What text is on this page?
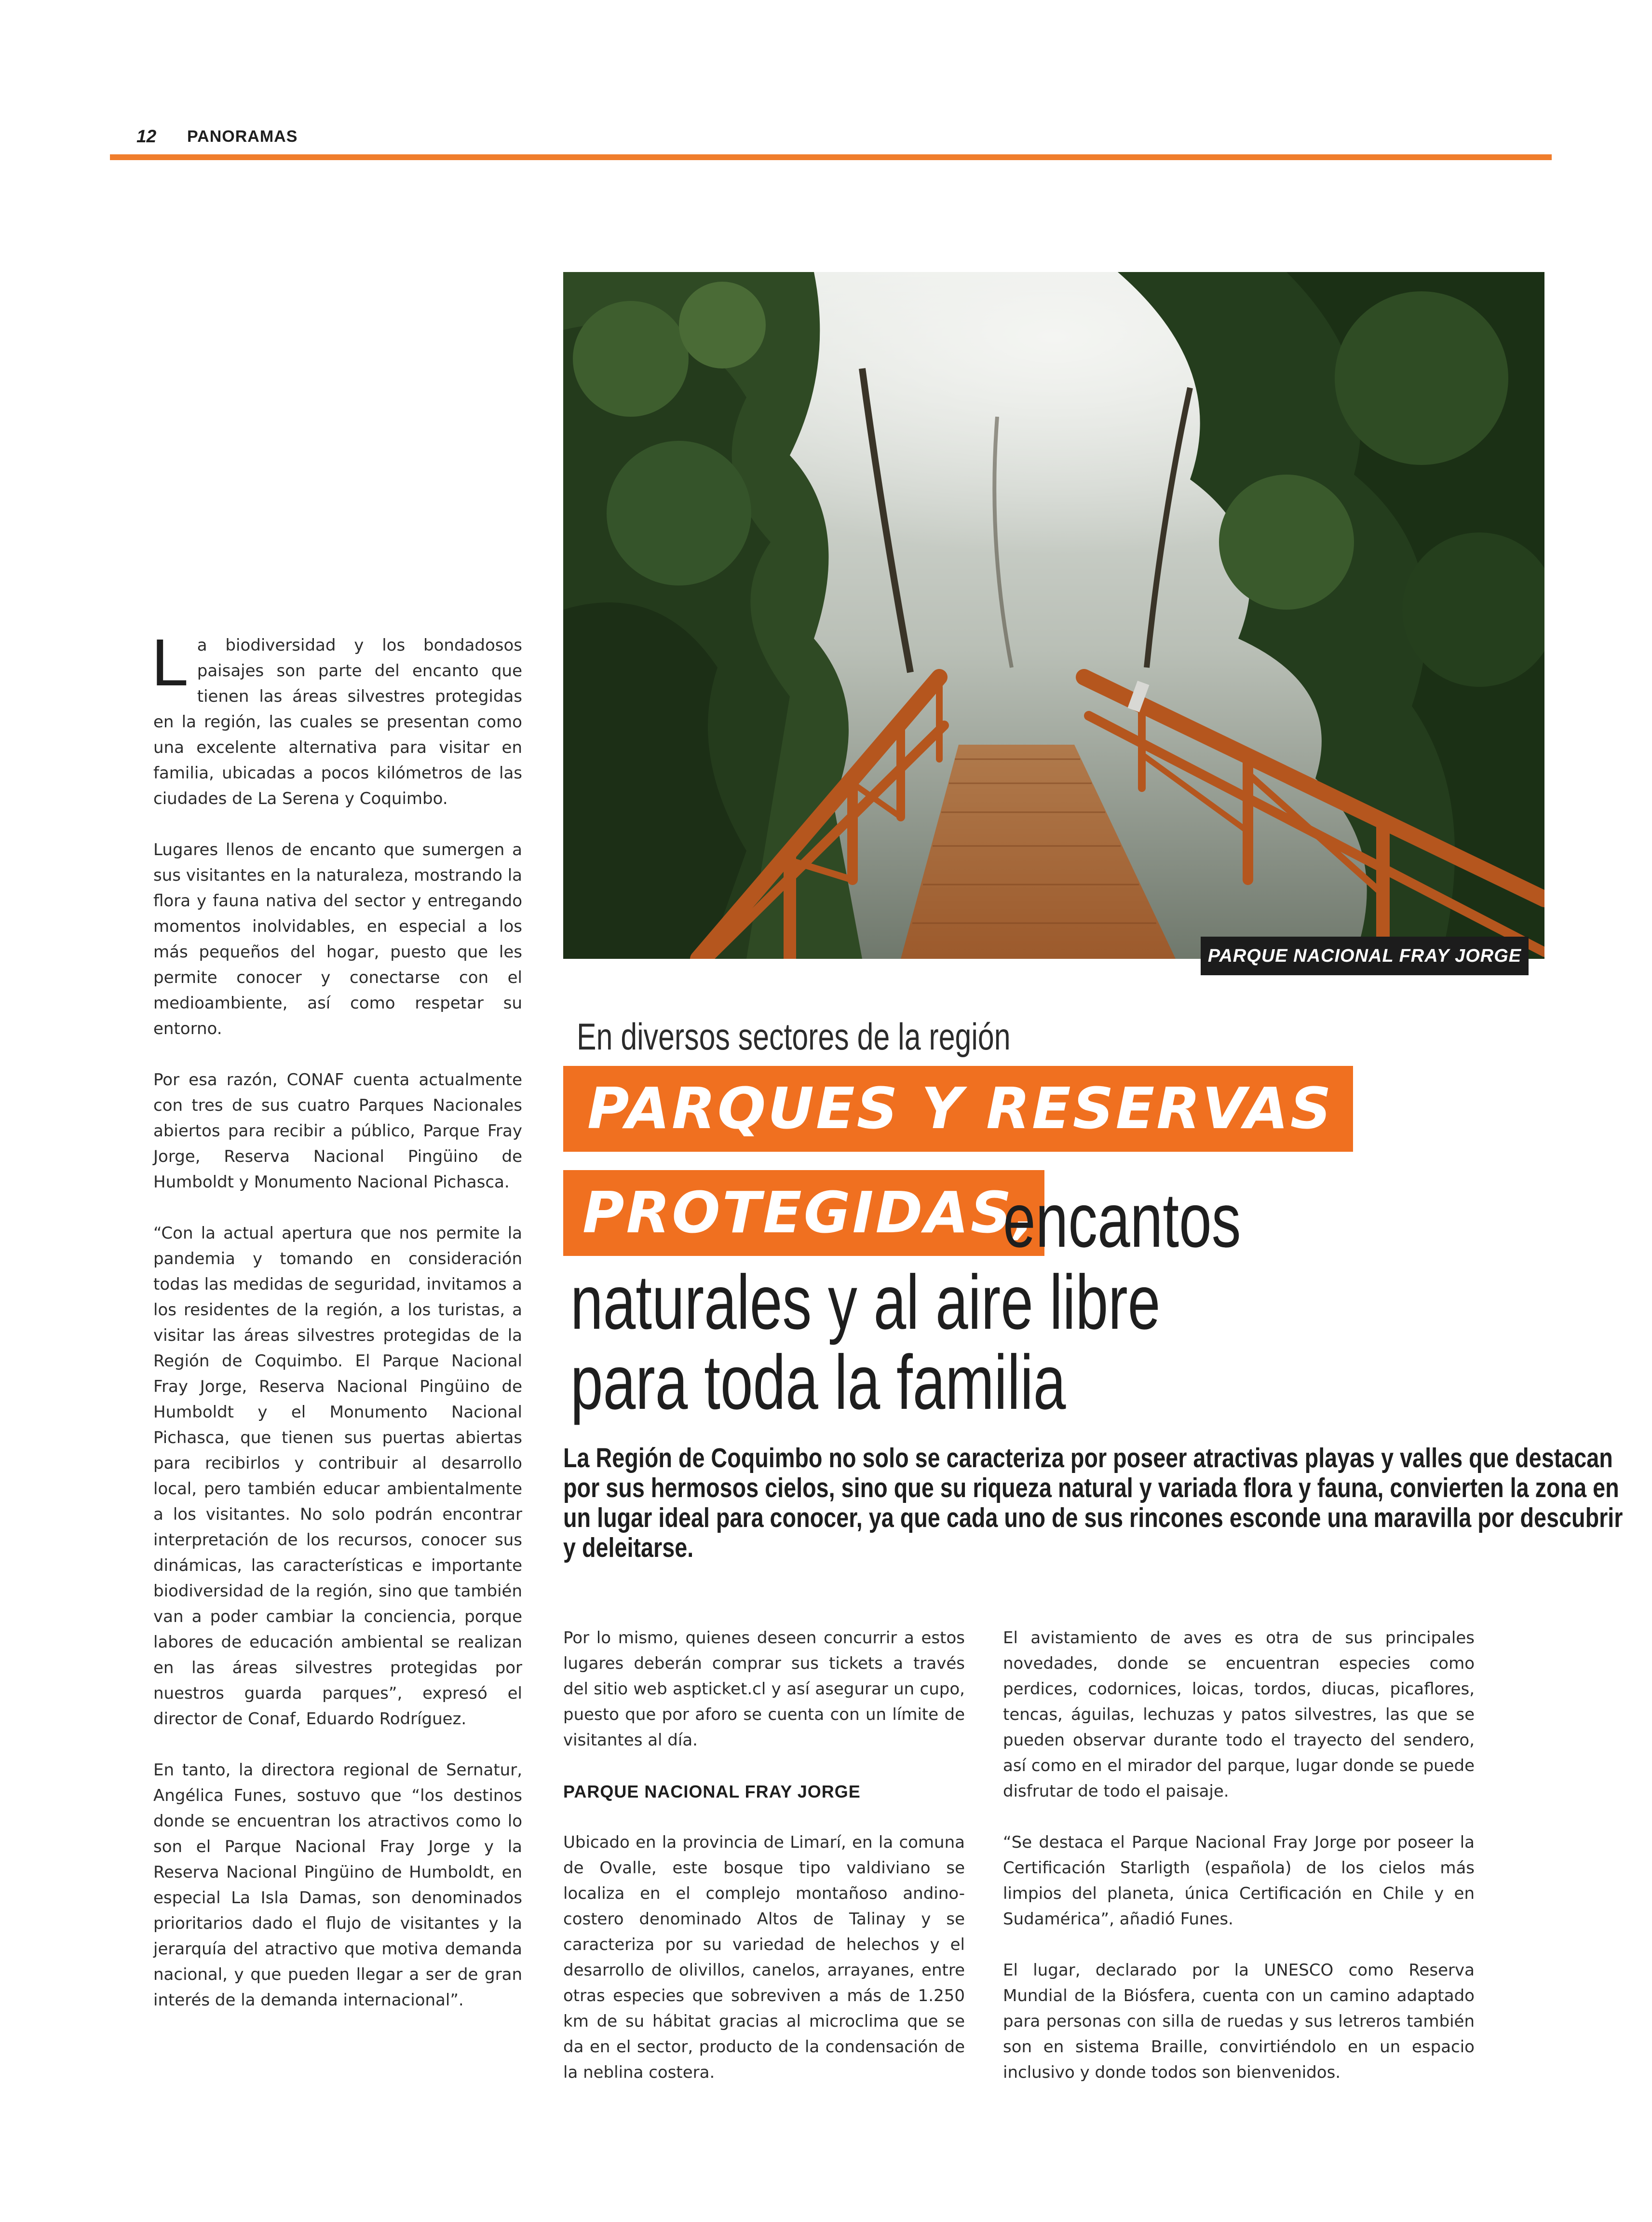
12 PANORAMAS
PARQUE NACIONAL FRAY JORGE
En diversos sectores de la región
PARQUES Y RESERVAS
PROTEGIDAS,
encantos
naturales y al aire libre
para toda la familia
La Región de Coquimbo no solo se caracteriza por poseer atractivas playas y valles que destacan
por sus hermosos cielos, sino que su riqueza natural y variada flora y fauna, convierten la zona en
un lugar ideal para conocer, ya que cada uno de sus rincones esconde una maravilla por descubrir
y deleitarse.

L a biodiversidad y los bondadosos paisajes son parte del encanto que tienen las áreas silvestres protegidas en la región, las cuales se presentan como una excelente alternativa para visitar en familia, ubicadas a pocos kilómetros de las ciudades de La Serena y Coquimbo.

Lugares llenos de encanto que sumergen a sus visitantes en la naturaleza, mostrando la flora y fauna nativa del sector y entregando momentos inolvidables, en especial a los más pequeños del hogar, puesto que les permite conocer y conectarse con el medioambiente, así como respetar su entorno.

Por esa razón, CONAF cuenta actualmente con tres de sus cuatro Parques Nacionales abiertos para recibir a público, Parque Fray Jorge, Reserva Nacional Pingüino de Humboldt y Monumento Nacional Pichasca.

“Con la actual apertura que nos permite la pandemia y tomando en consideración todas las medidas de seguridad, invitamos a los residentes de la región, a los turistas, a visitar las áreas silvestres protegidas de la Región de Coquimbo. El Parque Nacional Fray Jorge, Reserva Nacional Pingüino de Humboldt y el Monumento Nacional Pichasca, que tienen sus puertas abiertas para recibirlos y contribuir al desarrollo local, pero también educar ambientalmente a los visitantes. No solo podrán encontrar interpretación de los recursos, conocer sus dinámicas, las características e importante biodiversidad de la región, sino que también van a poder cambiar la conciencia, porque labores de educación ambiental se realizan en las áreas silvestres protegidas por nuestros guarda parques”, expresó el director de Conaf, Eduardo Rodríguez.

En tanto, la directora regional de Sernatur, Angélica Funes, sostuvo que “los destinos donde se encuentran los atractivos como lo son el Parque Nacional Fray Jorge y la Reserva Nacional Pingüino de Humboldt, en especial La Isla Damas, son denominados prioritarios dado el flujo de visitantes y la jerarquía del atractivo que motiva demanda nacional, y que pueden llegar a ser de gran interés de la demanda internacional”.

Por lo mismo, quienes deseen concurrir a estos lugares deberán comprar sus tickets a través del sitio web aspticket.cl y así asegurar un cupo, puesto que por aforo se cuenta con un límite de visitantes al día.

PARQUE NACIONAL FRAY JORGE

Ubicado en la provincia de Limarí, en la comuna de Ovalle, este bosque tipo valdiviano se localiza en el complejo montañoso andino-costero denominado Altos de Talinay y se caracteriza por su variedad de helechos y el desarrollo de olivillos, canelos, arrayanes, entre otras especies que sobreviven a más de 1.250 km de su hábitat gracias al microclima que se da en el sector, producto de la condensación de la neblina costera.

El avistamiento de aves es otra de sus principales novedades, donde se encuentran especies como perdices, codornices, loicas, tordos, diucas, picaflores, tencas, águilas, lechuzas y patos silvestres, las que se pueden observar durante todo el trayecto del sendero, así como en el mirador del parque, lugar donde se puede disfrutar de todo el paisaje.

“Se destaca el Parque Nacional Fray Jorge por poseer la Certificación Starligth (española) de los cielos más limpios del planeta, única Certificación en Chile y en Sudamérica”, añadió Funes.

El lugar, declarado por la UNESCO como Reserva Mundial de la Biósfera, cuenta con un camino adaptado para personas con silla de ruedas y sus letreros también son en sistema Braille, convirtiéndolo en un espacio inclusivo y donde todos son bienvenidos.
